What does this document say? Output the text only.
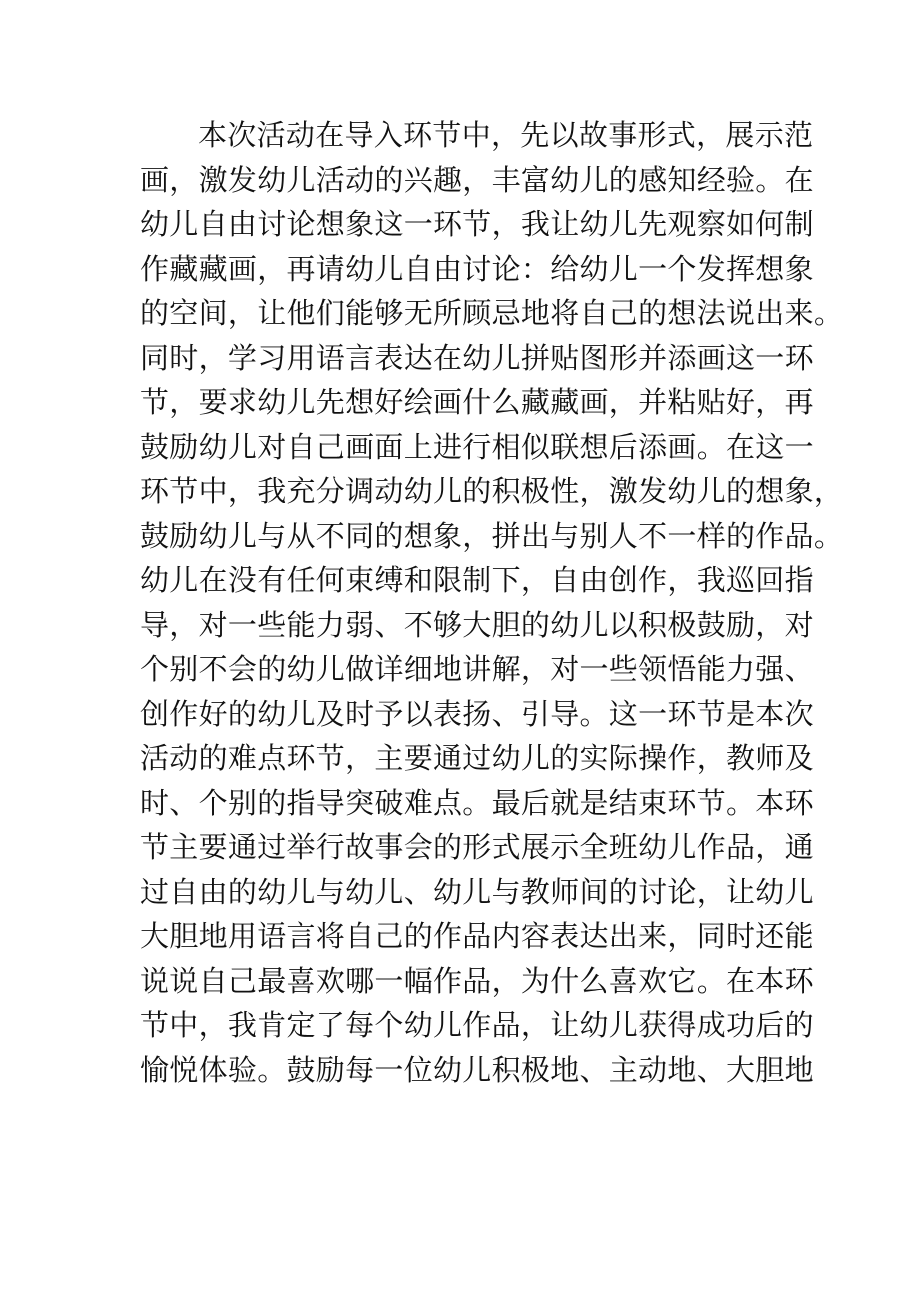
本次活动在导入环节中，先以故事形式，展示范
画，激发幼儿活动的兴趣，丰富幼儿的感知经验。在
幼儿自由讨论想象这一环节，我让幼儿先观察如何制
作藏藏画，再请幼儿自由讨论：给幼儿一个发挥想象
的空间，让他们能够无所顾忌地将自己的想法说出来。
同时，学习用语言表达在幼儿拼贴图形并添画这一环
节，要求幼儿先想好绘画什么藏藏画，并粘贴好，再
鼓励幼儿对自己画面上进行相似联想后添画。在这一
环节中，我充分调动幼儿的积极性，激发幼儿的想象，
鼓励幼儿与从不同的想象，拼出与别人不一样的作品。
幼儿在没有任何束缚和限制下，自由创作，我巡回指
导，对一些能力弱、不够大胆的幼儿以积极鼓励，对
个别不会的幼儿做详细地讲解，对一些领悟能力强、
创作好的幼儿及时予以表扬、引导。这一环节是本次
活动的难点环节，主要通过幼儿的实际操作，教师及
时、个别的指导突破难点。最后就是结束环节。本环
节主要通过举行故事会的形式展示全班幼儿作品，通
过自由的幼儿与幼儿、幼儿与教师间的讨论，让幼儿
大胆地用语言将自己的作品内容表达出来，同时还能
说说自己最喜欢哪一幅作品，为什么喜欢它。在本环
节中，我肯定了每个幼儿作品，让幼儿获得成功后的
愉悦体验。鼓励每一位幼儿积极地、主动地、大胆地
